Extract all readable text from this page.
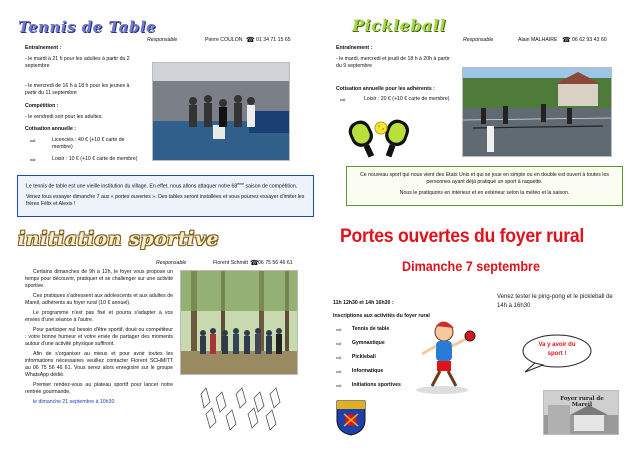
Tennis de Table
Responsable	Pierre COULON ☎ 01 34 71 15 65
Entraînement :
- le mardi à 21 h pour les adultes à partir du 2 septembre
- le mercredi de 16 h à 18 h pour les jeunes à partir du 11 septembre
Compétition :
- le vendredi soir pour les adultes.
Cotisation annuelle :
⇨	Licenciés : 40 € (+10 € carte de membre)
⇨	Loisir : 10 € (+10 € carte de membre)
Le tennis de table est une vieille institution du village. En effet, nous allons attaquer notre 68ème saison de compétition.
Venez tous essayer dimanche 7 aux « portes ouvertes ». Des tables seront installées et vous pourrez essayer d'imiter les frères Félix et Alexis !
Pickleball
Responsable	Alain MALHAIRE ☎ 06 62 93 43 60
Entraînement :
- le mardi, mercredi et jeudi de 18 h à 20h à partir du 9 septembre
Cotisation annuelle pour les adhérents :
⇨	Loisir : 20 € (+10 € carte de membre)
Ce nouveau sport qui nous vient des Etats Unis et qui se joue en simple ou en double est ouvert à toutes les personnes ayant déjà pratiqué un sport à raquette.
Nous le pratiquons en intérieur et en extérieur selon la météo et la saison.
initiation sportive
Responsable	Florent Schmitt ☎ 06 75 56 46 61
Certains dimanches de 9h à 12h, le foyer vous propose un temps pour découvrir, pratiquer et se challenger sur une activité sportive.
Ces pratiques s'adressent aux adolescents et aux adultes de Mareil, adhérents au foyer rural (10 € annuel).
Le programme n'est pas fixé et pourra s'adapter à vos envies d'une séance à l'autre.
Pour participer nul besoin d'être sportif, doué ou compétiteur : votre bonne humeur et votre envie de partager des moments autour d'une activité physique suffiront.
Afin de s'organiser au mieux et pour avoir toutes les informations nécessaires veuillez contacter Florent SCHMITT au 06 75 56 46 61. Vous serez alors enregistré sur le groupe WhatsApp dédié.
Premier rendez-vous au plateau sportif pour lancer notre rentrée gourmande,
le dimanche 21 septembre à 10h30
Portes ouvertes du foyer rural
Dimanche 7 septembre
11h 12h30 et 14h 16h30 :
Inscriptions aux activités du foyer rural
⇨ Tennis de table
⇨ Gymnastique
⇨ Pickleball
⇨ Informatique
⇨ Initiations sportives
Venez tester le ping-pong et le pickleball de 14h à 16h30
Va y avoir du sport !
Foyer rural de Mareil
